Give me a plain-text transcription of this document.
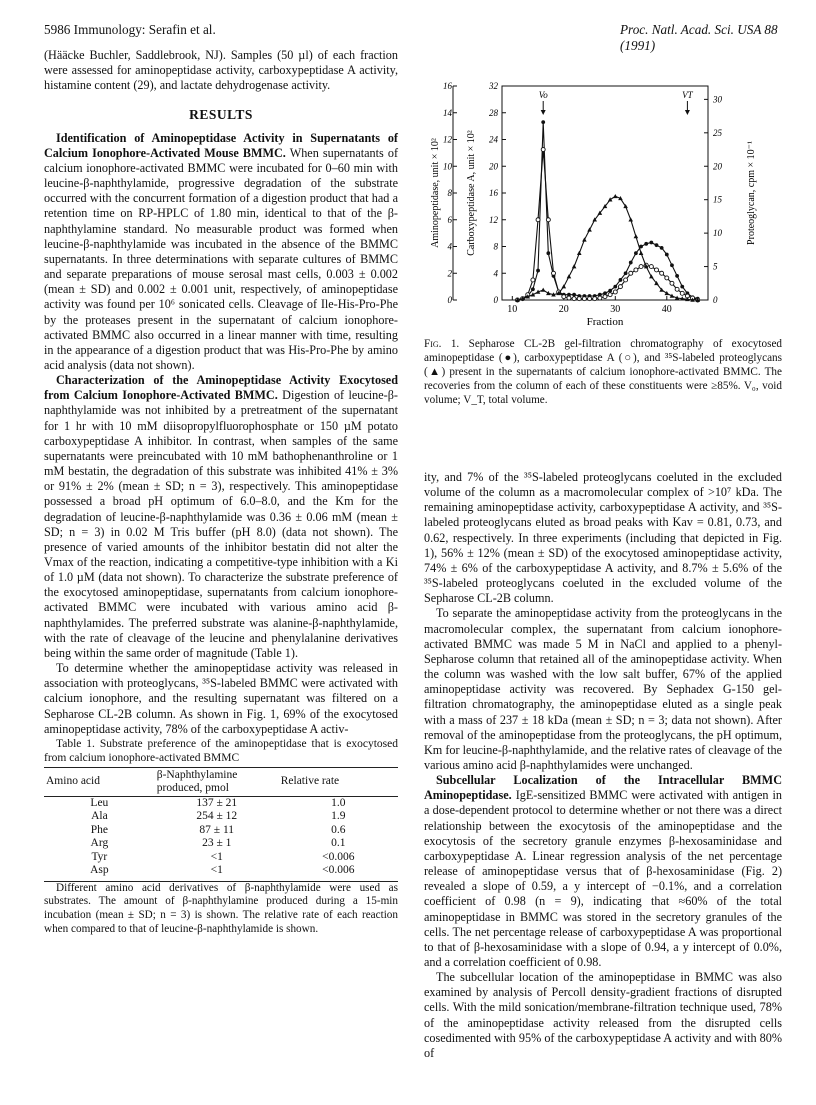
5986 Immunology: Serafin et al.	Proc. Natl. Acad. Sci. USA 88 (1991)

(Hääcke Buchler, Saddlebrook, NJ). Samples (50 µl) of each fraction were assessed for aminopeptidase activity, carboxypeptidase A activity, histamine content (29), and lactate dehydrogenase activity.

RESULTS

Identification of Aminopeptidase Activity in Supernatants of Calcium Ionophore-Activated Mouse BMMC. When supernatants of calcium ionophore-activated BMMC were incubated for 0–60 min with leucine-β-naphthylamide, progressive degradation of the substrate occurred with the concurrent formation of a digestion product that had a retention time on RP-HPLC of 1.80 min, identical to that of the β-naphthylamine standard. No measurable product was formed when leucine-β-naphthylamide was incubated in the absence of the BMMC supernatants. In three determinations with separate cultures of BMMC and separate preparations of mouse serosal mast cells, 0.003 ± 0.002 (mean ± SD) and 0.002 ± 0.001 unit, respectively, of aminopeptidase activity was found per 10⁶ sonicated cells. Cleavage of Ile-His-Pro-Phe by the proteases present in the supernatant of calcium ionophore-activated BMMC also occurred in a linear manner with time, resulting in the appearance of a digestion product that was His-Pro-Phe by amino acid analysis (data not shown).

Characterization of the Aminopeptidase Activity Exocytosed from Calcium Ionophore-Activated BMMC. Digestion of leucine-β-naphthylamide was not inhibited by a pretreatment of the supernatant for 1 hr with 10 mM diisopropylfluorophosphate or 150 µM potato carboxypeptidase A inhibitor. In contrast, when samples of the same supernatants were preincubated with 10 mM bathophenanthroline or 1 mM bestatin, the degradation of this substrate was inhibited 41% ± 3% or 91% ± 2% (mean ± SD; n = 3), respectively. This aminopeptidase possessed a broad pH optimum of 6.0–8.0, and the Km for the degradation of leucine-β-naphthylamide was 0.36 ± 0.06 mM (mean ± SD; n = 3) in 0.02 M Tris buffer (pH 8.0) (data not shown). The presence of varied amounts of the inhibitor bestatin did not alter the Vmax of the reaction, indicating a competitive-type inhibition with a Ki of 1.0 µM (data not shown). To characterize the substrate preference of the exocytosed aminopeptidase, supernatants from calcium ionophore-activated BMMC were incubated with various amino acid β-naphthylamides. The preferred substrate was alanine-β-naphthylamide, with the rate of cleavage of the leucine and phenylalanine derivatives being within the same order of magnitude (Table 1).

To determine whether the aminopeptidase activity was released in association with proteoglycans, ³⁵S-labeled BMMC were activated with calcium ionophore, and the resulting supernatant was filtered on a Sepharose CL-2B column. As shown in Fig. 1, 69% of the exocytosed aminopeptidase activity, 78% of the carboxypeptidase A activ-

Table 1. Substrate preference of the aminopeptidase that is exocytosed from calcium ionophore-activated BMMC

Amino acid	β-Naphthylamine produced, pmol	Relative rate
Leu	137 ± 21	1.0
Ala	254 ± 12	1.9
Phe	87 ± 11	0.6
Arg	23 ± 1	0.1
Tyr	<1	<0.006
Asp	<1	<0.006

Different amino acid derivatives of β-naphthylamide were used as substrates. The amount of β-naphthylamine produced during a 15-min incubation (mean ± SD; n = 3) is shown. The relative rate of each reaction when compared to that of leucine-β-naphthylamide is shown.

10	20	30	40
Fraction
0
2
4
6
8
10
12
14
16
Aminopeptidase, unit × 10²
0
4
8
12
16
20
24
28
32
Carboxypeptidase A, unit × 10²
0
5
10
15
20
25
30
Proteoglycan, cpm × 10⁻¹
Vo	VT
Fig. 1. Sepharose CL-2B gel-filtration chromatography of exocytosed aminopeptidase (●), carboxypeptidase A (○), and ³⁵S-labeled proteoglycans (▲) present in the supernatants of calcium ionophore-activated BMMC. The recoveries from the column of each of these constituents were ≥85%. V₀, void volume; V_T, total volume.

ity, and 7% of the ³⁵S-labeled proteoglycans coeluted in the excluded volume of the column as a macromolecular complex of >10⁷ kDa. The remaining aminopeptidase activity, carboxypeptidase A activity, and ³⁵S-labeled proteoglycans eluted as broad peaks with Kav = 0.81, 0.73, and 0.62, respectively. In three experiments (including that depicted in Fig. 1), 56% ± 12% (mean ± SD) of the exocytosed aminopeptidase activity, 74% ± 6% of the carboxypeptidase A activity, and 8.7% ± 5.6% of the ³⁵S-labeled proteoglycans coeluted in the excluded volume of the Sepharose CL-2B column.

To separate the aminopeptidase activity from the proteoglycans in the macromolecular complex, the supernatant from calcium ionophore-activated BMMC was made 5 M in NaCl and applied to a phenyl-Sepharose column that retained all of the aminopeptidase activity. When the column was washed with the low salt buffer, 67% of the applied aminopeptidase activity was recovered. By Sephadex G-150 gel-filtration chromatography, the aminopeptidase eluted as a single peak with a mass of 237 ± 18 kDa (mean ± SD; n = 3; data not shown). After removal of the aminopeptidase from the proteoglycans, the pH optimum, Km for leucine-β-naphthylamide, and the relative rates of cleavage of the various amino acid β-naphthylamides were unchanged.

Subcellular Localization of the Intracellular BMMC Aminopeptidase. IgE-sensitized BMMC were activated with antigen in a dose-dependent protocol to determine whether or not there was a direct relationship between the exocytosis of the aminopeptidase and the exocytosis of the secretory granule enzymes β-hexosaminidase and carboxypeptidase A. Linear regression analysis of the net percentage release of aminopeptidase versus that of β-hexosaminidase (Fig. 2) revealed a slope of 0.59, a y intercept of −0.1%, and a correlation coefficient of 0.98 (n = 9), indicating that ≈60% of the total aminopeptidase in BMMC was stored in the secretory granules of the cells. The net percentage release of carboxypeptidase A was proportional to that of β-hexosaminidase with a slope of 0.94, a y intercept of 0.0%, and a correlation coefficient of 0.98.

The subcellular location of the aminopeptidase in BMMC was also examined by analysis of Percoll density-gradient fractions of disrupted cells. With the mild sonication/membrane-filtration technique used, 78% of the aminopeptidase activity released from the disrupted cells cosedimented with 95% of the carboxypeptidase A activity and with 80% of
